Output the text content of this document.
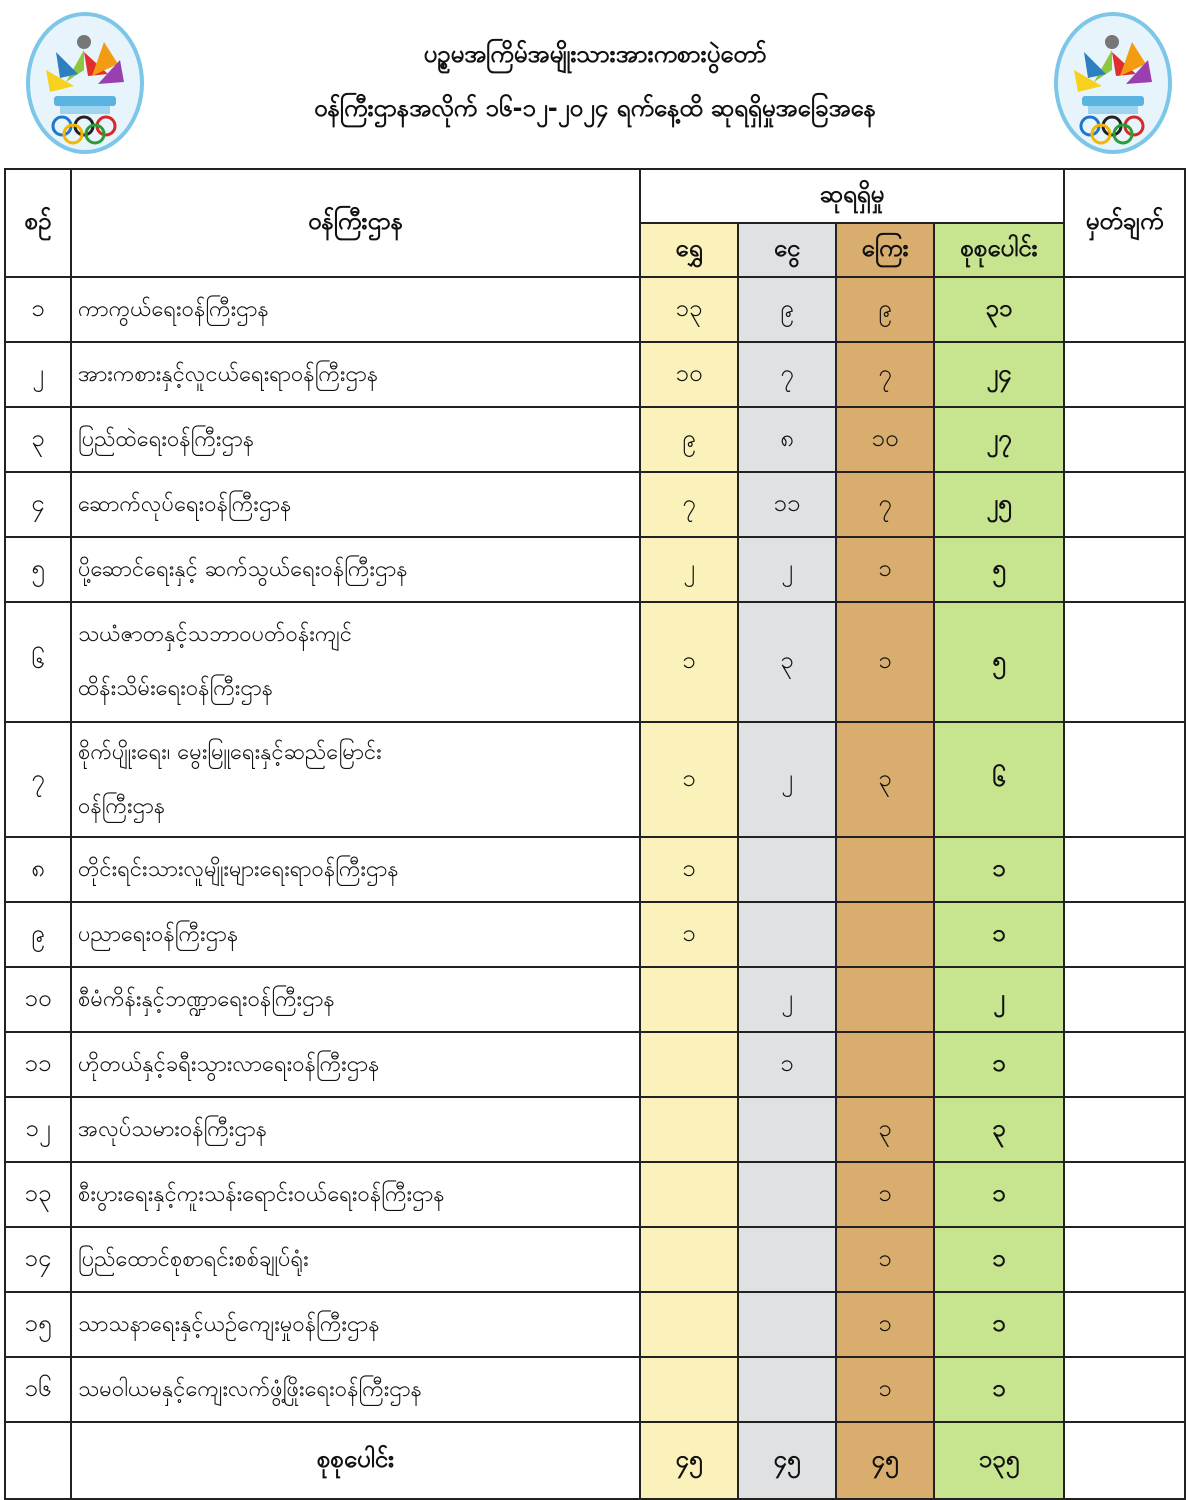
ပဉ္စမအကြိမ်အမျိုးသားအားကစားပွဲတော်
ဝန်ကြီးဌာနအလိုက် ၁၆-၁၂-၂၀၂၄ ရက်နေ့ထိ ဆုရရှိမှုအခြေအနေ
စဉ်	ဝန်ကြီးဌာန	ဆုရရှိမှု				မှတ်ချက်
		ရွှေ	ငွေ	ကြေး	စုစုပေါင်း	
၁	ကာကွယ်ရေးဝန်ကြီးဌာန	၁၃	၉	၉	၃၁	
၂	အားကစားနှင့်လူငယ်ရေးရာဝန်ကြီးဌာန	၁၀	၇	၇	၂၄	
၃	ပြည်ထဲရေးဝန်ကြီးဌာန	၉	၈	၁၀	၂၇	
၄	ဆောက်လုပ်ရေးဝန်ကြီးဌာန	၇	၁၁	၇	၂၅	
၅	ပို့ဆောင်ရေးနှင့် ဆက်သွယ်ရေးဝန်ကြီးဌာန	၂	၂	၁	၅	
၆	သယံဇာတနှင့်သဘာဝပတ်ဝန်းကျင်
ထိန်းသိမ်းရေးဝန်ကြီးဌာန	၁	၃	၁	၅	
၇	စိုက်ပျိုးရေး၊ မွေးမြူရေးနှင့်ဆည်မြောင်း
ဝန်ကြီးဌာန	၁	၂	၃	၆	
၈	တိုင်းရင်းသားလူမျိုးများရေးရာဝန်ကြီးဌာန	၁			၁	
၉	ပညာရေးဝန်ကြီးဌာန	၁			၁	
၁၀	စီမံကိန်းနှင့်ဘဏ္ဍာရေးဝန်ကြီးဌာန		၂		၂	
၁၁	ဟိုတယ်နှင့်ခရီးသွားလာရေးဝန်ကြီးဌာန		၁		၁	
၁၂	အလုပ်သမားဝန်ကြီးဌာန			၃	၃	
၁၃	စီးပွားရေးနှင့်ကူးသန်းရောင်းဝယ်ရေးဝန်ကြီးဌာန			၁	၁	
၁၄	ပြည်ထောင်စုစာရင်းစစ်ချုပ်ရုံး			၁	၁	
၁၅	သာသနာရေးနှင့်ယဉ်ကျေးမှုဝန်ကြီးဌာန			၁	၁	
၁၆	သမဝါယမနှင့်ကျေးလက်ဖွံ့ဖြိုးရေးဝန်ကြီးဌာန			၁	၁	
	စုစုပေါင်း	၄၅	၄၅	၄၅	၁၃၅	
